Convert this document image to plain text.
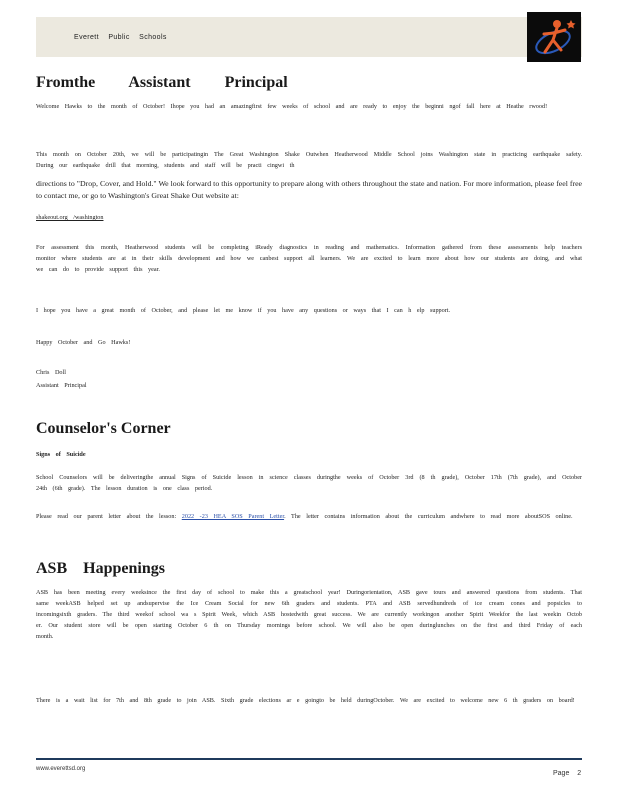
Everett Public Schools
Fromthe Assistant Principal

Welcome Hawks to the month of October! Ihope you had an amazingfirst few weeks of school and are ready to enjoy the beginni ngof fall here at Heathe rwood!

This month on October 20th, we will be participatingin The Great Washington Shake Outwhen Heatherwood Middle School joins Washington state in practicing earthquake safety. During our earthquake drill that morning, students and staff will be practi cingwi th

directions to "Drop, Cover, and Hold." We look forward to this opportunity to prepare along with others throughout the state and nation. For more information, please feel free to contact me, or go to Washington's Great Shake Out website at:

shakeout.org /washington

For assessment this month, Heatherwood students will be completing iReady diagnostics in reading and mathematics. Information gathered from these assessments help teachers monitor where students are at in their skills development and how we canbest support all learners. We are excited to learn more about how our students are doing, and what we can do to provide support this year.

I hope you have a great month of October, and please let me know if you have any questions or ways that I can h elp support.

Happy October and Go Hawks!

Chris Doll

Assistant Principal

Counselor's Corner

Signs of Suicide

School Counselors will be deliveringthe annual Signs of Suicide lesson in science classes duringthe weeks of October 3rd (8 th grade), October 17th (7th grade), and October 24th (6th grade). The lesson duration is one class period.

Please read our parent letter about the lesson: 2022 -23 HEA SOS Parent Letter. The letter contains information about the curriculum andwhere to read more aboutSOS online.

ASB Happenings

ASB has been meeting every weeksince the first day of school to make this a greatschool year! Duringorientation, ASB gave tours and answered questions from students. That same weekASB helped set up andsupervise the Ice Cream Social for new 6th graders and students. PTA and ASB servedhundreds of ice cream cones and popsicles to incomingsixth graders. The third weekof school wa s Spirit Week, which ASB hostedwith great success. We are currently workingon another Spirit Weekfor the last weekin Octob er. Our student store will be open starting October 6 th on Thursday mornings before school. We will also be open duringlunches on the first and third Friday of each month.

There is a wait list for 7th and 8th grade to join ASB. Sixth grade elections ar e goingto be held duringOctober. We are excited to welcome new 6 th graders on board!

www.everettsd.org
Page 2
